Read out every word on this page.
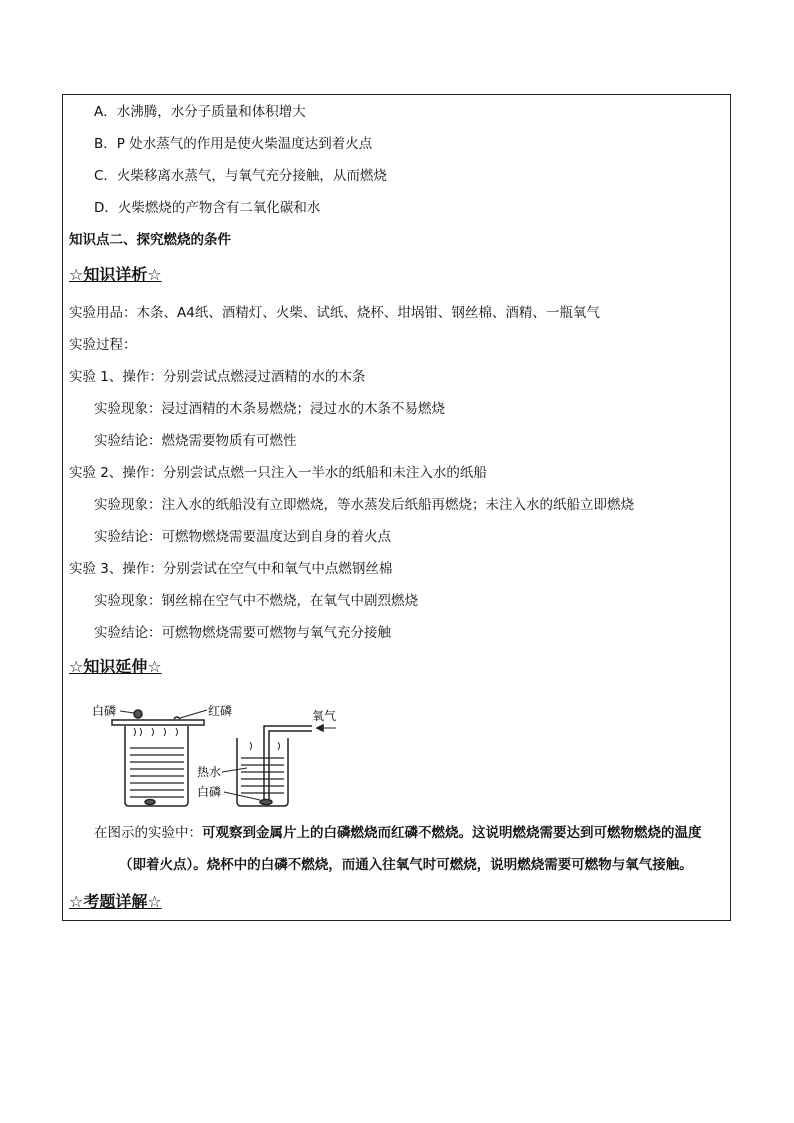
A．水沸腾，水分子质量和体积增大
B．P 处水蒸气的作用是使火柴温度达到着火点
C．火柴移离水蒸气，与氧气充分接触，从而燃烧
D．火柴燃烧的产物含有二氧化碳和水
知识点二、探究燃烧的条件
☆知识详析☆
实验用品：木条、A4纸、酒精灯、火柴、试纸、烧杯、坩埚钳、钢丝棉、酒精、一瓶氧气
实验过程：
实验 1、操作：分别尝试点燃浸过酒精的水的木条
实验现象：浸过酒精的木条易燃烧；浸过水的木条不易燃烧
实验结论：燃烧需要物质有可燃性
实验 2、操作：分别尝试点燃一只注入一半水的纸船和未注入水的纸船
实验现象：注入水的纸船没有立即燃烧，等水蒸发后纸船再燃烧；未注入水的纸船立即燃烧
实验结论：可燃物燃烧需要温度达到自身的着火点
实验 3、操作：分别尝试在空气中和氧气中点燃钢丝棉
实验现象：钢丝棉在空气中不燃烧，在氧气中剧烈燃烧
实验结论：可燃物燃烧需要可燃物与氧气充分接触
☆知识延伸☆
白磷	红磷	氧气
热水
白磷
在图示的实验中：可观察到金属片上的白磷燃烧而红磷不燃烧。这说明燃烧需要达到可燃物燃烧的温度
（即着火点）。烧杯中的白磷不燃烧，而通入往氧气时可燃烧，说明燃烧需要可燃物与氧气接触。
☆考题详解☆
